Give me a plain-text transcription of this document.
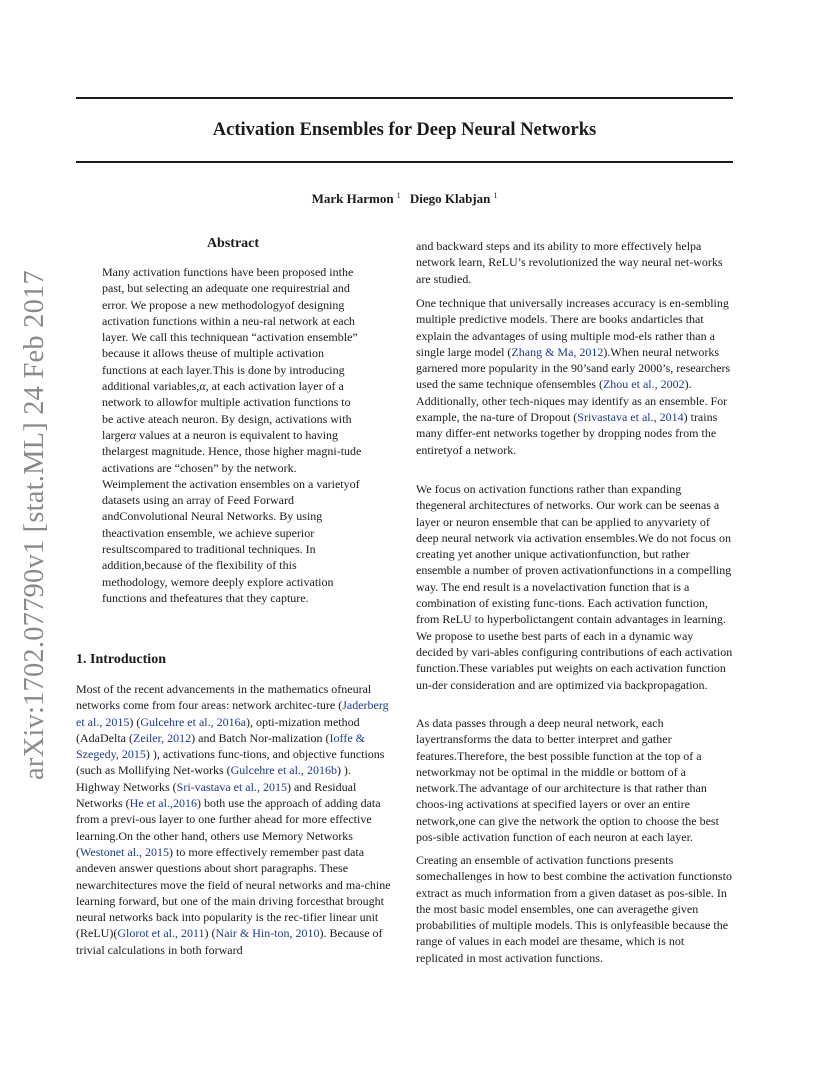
arXiv:1702.07790v1 [stat.ML] 24 Feb 2017
Activation Ensembles for Deep Neural Networks

Mark Harmon $^1$ Diego Klabjan $^1$

Abstract
Many activation functions have been proposed inthe past, but selecting an adequate one requirestrial and error. We propose a new methodologyof designing activation functions within a neu-ral network at each layer. We call this techniquean “activation ensemble” because it allows theuse of multiple activation functions at each layer.This is done by introducing additional variables,α, at each activation layer of a network to allowfor multiple activation functions to be active ateach neuron. By design, activations with largerα values at a neuron is equivalent to having thelargest magnitude. Hence, those higher magni-tude activations are “chosen” by the network. Weimplement the activation ensembles on a varietyof datasets using an array of Feed Forward andConvolutional Neural Networks. By using theactivation ensemble, we achieve superior resultscompared to traditional techniques. In addition,because of the flexibility of this methodology, wemore deeply explore activation functions and thefeatures that they capture.
1. Introduction
Most of the recent advancements in the mathematics ofneural networks come from four areas: network architec-ture (Jaderberg et al., 2015) (Gulcehre et al., 2016a), opti-mization method (AdaDelta (Zeiler, 2012) and Batch Nor-malization (Ioffe & Szegedy, 2015) ), activations func-tions, and objective functions (such as Mollifying Net-works (Gulcehre et al., 2016b) ). Highway Networks (Sri-vastava et al., 2015) and Residual Networks (He et al.,2016) both use the approach of adding data from a previ-ous layer to one further ahead for more effective learning.On the other hand, others use Memory Networks (Westonet al., 2015) to more effectively remember past data andeven answer questions about short paragraphs. These newarchitectures move the field of neural networks and ma-chine learning forward, but one of the main driving forcesthat brought neural networks back into popularity is the rec-tifier linear unit (ReLU)(Glorot et al., 2011) (Nair & Hin-ton, 2010). Because of trivial calculations in both forward
and backward steps and its ability to more effectively helpa network learn, ReLU’s revolutionized the way neural net-works are studied.
One technique that universally increases accuracy is en-sembling multiple predictive models. There are books andarticles that explain the advantages of using multiple mod-els rather than a single large model (Zhang & Ma, 2012).When neural networks garnered more popularity in the 90’sand early 2000’s, researchers used the same technique ofensembles (Zhou et al., 2002). Additionally, other tech-niques may identify as an ensemble. For example, the na-ture of Dropout (Srivastava et al., 2014) trains many differ-ent networks together by dropping nodes from the entiretyof a network.
We focus on activation functions rather than expanding thegeneral architectures of networks. Our work can be seenas a layer or neuron ensemble that can be applied to anyvariety of deep neural network via activation ensembles.We do not focus on creating yet another unique activationfunction, but rather ensemble a number of proven activationfunctions in a compelling way. The end result is a novelactivation function that is a combination of existing func-tions. Each activation function, from ReLU to hyperbolictangent contain advantages in learning. We propose to usethe best parts of each in a dynamic way decided by vari-ables configuring contributions of each activation function.These variables put weights on each activation function un-der consideration and are optimized via backpropagation.
As data passes through a deep neural network, each layertransforms the data to better interpret and gather features.Therefore, the best possible function at the top of a networkmay not be optimal in the middle or bottom of a network.The advantage of our architecture is that rather than choos-ing activations at specified layers or over an entire network,one can give the network the option to choose the best pos-sible activation function of each neuron at each layer.
Creating an ensemble of activation functions presents somechallenges in how to best combine the activation functionsto extract as much information from a given dataset as pos-sible. In the most basic model ensembles, one can averagethe given probabilities of multiple models. This is onlyfeasible because the range of values in each model are thesame, which is not replicated in most activation functions.
